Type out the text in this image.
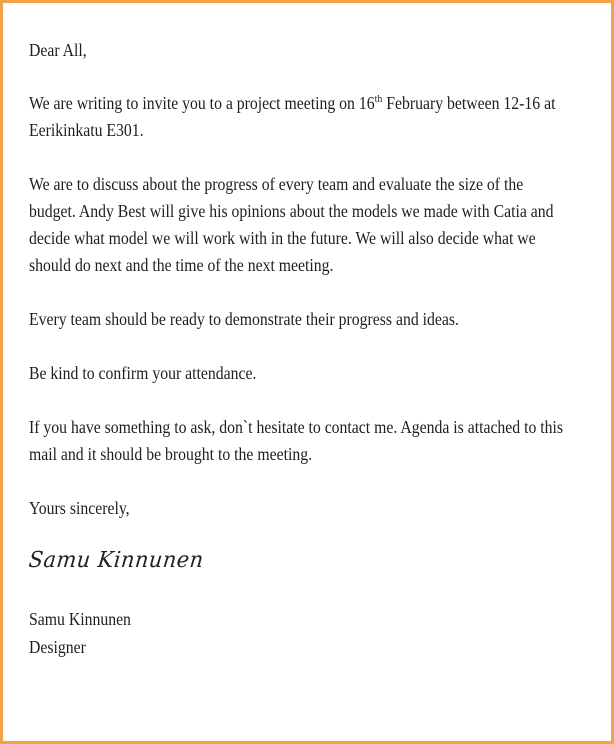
Dear All,

We are writing to invite you to a project meeting on 16th February between 12-16 at
Eerikinkatu E301.

We are to discuss about the progress of every team and evaluate the size of the
budget. Andy Best will give his opinions about the models we made with Catia and
decide what model we will work with in the future. We will also decide what we
should do next and the time of the next meeting.

Every team should be ready to demonstrate their progress and ideas.

Be kind to confirm your attendance.

If you have something to ask, don`t hesitate to contact me. Agenda is attached to this
mail and it should be brought to the meeting.

Yours sincerely,

Samu Kinnunen
Samu Kinnunen
Designer
